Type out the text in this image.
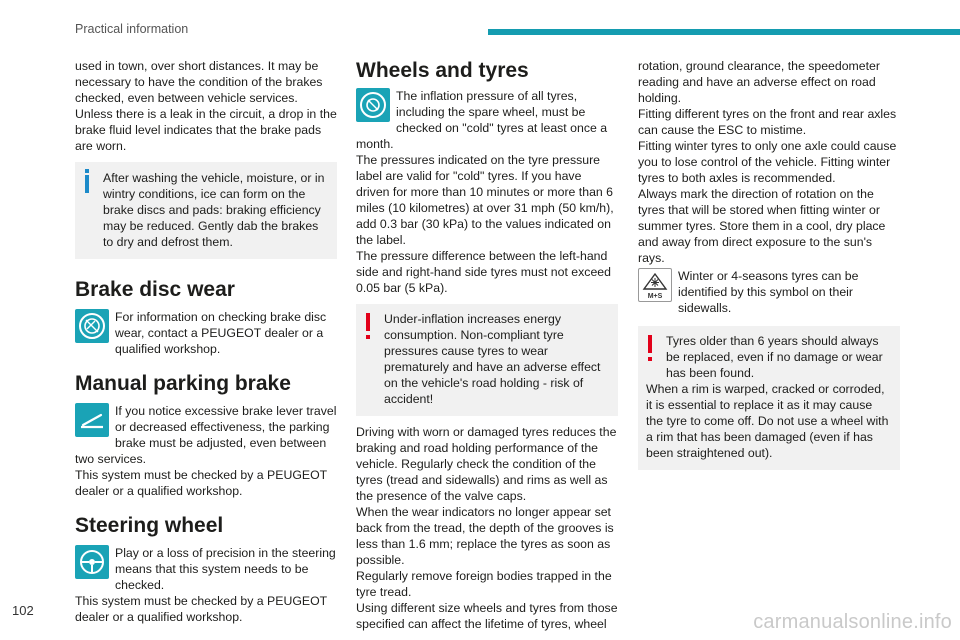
Practical information

used in town, over short distances. It may be necessary to have the condition of the brakes checked, even between vehicle services.

Unless there is a leak in the circuit, a drop in the brake fluid level indicates that the brake pads are worn.

After washing the vehicle, moisture, or in wintry conditions, ice can form on the brake discs and pads: braking efficiency may be reduced. Gently dab the brakes to dry and defrost them.
Brake disc wear

For information on checking brake disc wear, contact a PEUGEOT dealer or a qualified workshop.

Manual parking brake

If you notice excessive brake lever travel or decreased effectiveness, the parking brake must be adjusted, even between two services.

This system must be checked by a PEUGEOT dealer or a qualified workshop.

Steering wheel

Play or a loss of precision in the steering means that this system needs to be checked.

This system must be checked by a PEUGEOT dealer or a qualified workshop.

Wheels and tyres

The inflation pressure of all tyres, including the spare wheel, must be checked on "cold" tyres at least once a month.

The pressures indicated on the tyre pressure label are valid for "cold" tyres. If you have driven for more than 10 minutes or more than 6 miles (10 kilometres) at over 31 mph (50 km/h), add 0.3 bar (30 kPa) to the values indicated on the label.

The pressure difference between the left-hand side and right-hand side tyres must not exceed 0.05 bar (5 kPa).

Under-inflation increases energy consumption. Non-compliant tyre pressures cause tyres to wear prematurely and have an adverse effect on the vehicle's road holding - risk of accident!

Driving with worn or damaged tyres reduces the braking and road holding performance of the vehicle. Regularly check the condition of the tyres (tread and sidewalls) and rims as well as the presence of the valve caps.

When the wear indicators no longer appear set back from the tread, the depth of the grooves is less than 1.6 mm; replace the tyres as soon as possible.

Regularly remove foreign bodies trapped in the tyre tread.

Using different size wheels and tyres from those specified can affect the lifetime of tyres, wheel

rotation, ground clearance, the speedometer reading and have an adverse effect on road holding.

Fitting different tyres on the front and rear axles can cause the ESC to mistime.

Fitting winter tyres to only one axle could cause you to lose control of the vehicle. Fitting winter tyres to both axles is recommended.

Always mark the direction of rotation on the tyres that will be stored when fitting winter or summer tyres. Store them in a cool, dry place and away from direct exposure to the sun's rays.

M+S

Winter or 4-seasons tyres can be identified by this symbol on their sidewalls.

Tyres older than 6 years should always be replaced, even if no damage or wear has been found.

When a rim is warped, cracked or corroded, it is essential to replace it as it may cause the tyre to come off. Do not use a wheel with a rim that has been damaged (even if has been straightened out).

102
carmanualsonline.info
